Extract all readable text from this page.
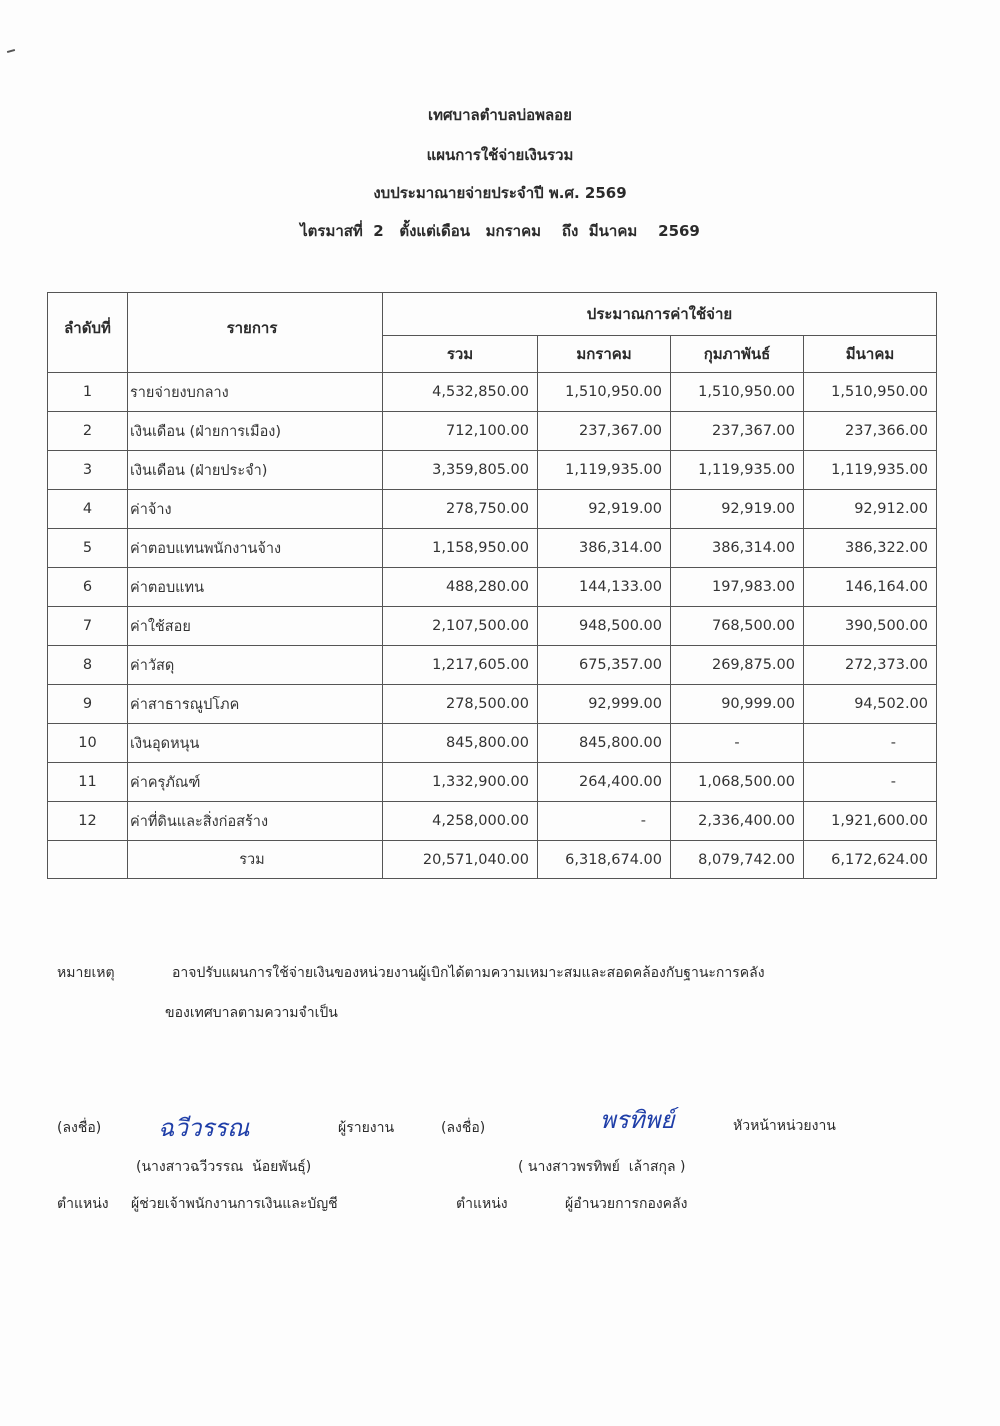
เทศบาลตำบลบ่อพลอย
แผนการใช้จ่ายเงินรวม
งบประมาณายจ่ายประจำปี พ.ศ. 2569
ไตรมาสที่  2   ตั้งแต่เดือน   มกราคม    ถึง  มีนาคม    2569
ลำดับที่	รายการ	ประมาณการค่าใช้จ่าย			
		รวม	มกราคม	กุมภาพันธ์	มีนาคม
1	รายจ่ายงบกลาง	4,532,850.00	1,510,950.00	1,510,950.00	1,510,950.00
2	เงินเดือน (ฝ่ายการเมือง)	712,100.00	237,367.00	237,367.00	237,366.00
3	เงินเดือน (ฝ่ายประจำ)	3,359,805.00	1,119,935.00	1,119,935.00	1,119,935.00
4	ค่าจ้าง	278,750.00	92,919.00	92,919.00	92,912.00
5	ค่าตอบแทนพนักงานจ้าง	1,158,950.00	386,314.00	386,314.00	386,322.00
6	ค่าตอบแทน	488,280.00	144,133.00	197,983.00	146,164.00
7	ค่าใช้สอย	2,107,500.00	948,500.00	768,500.00	390,500.00
8	ค่าวัสดุ	1,217,605.00	675,357.00	269,875.00	272,373.00
9	ค่าสาธารณูปโภค	278,500.00	92,999.00	90,999.00	94,502.00
10	เงินอุดหนุน	845,800.00	845,800.00	-	-
11	ค่าครุภัณฑ์	1,332,900.00	264,400.00	1,068,500.00	-
12	ค่าที่ดินและสิ่งก่อสร้าง	4,258,000.00	-	2,336,400.00	1,921,600.00
	รวม	20,571,040.00	6,318,674.00	8,079,742.00	6,172,624.00
หมายเหตุ	อาจปรับแผนการใช้จ่ายเงินของหน่วยงานผู้เบิกได้ตามความเหมาะสมและสอดคล้องกับฐานะการคลัง
ของเทศบาลตามความจำเป็น
(ลงชื่อ) ฉวีวรรณ	ผู้รายงาน
(นางสาวฉวีวรรณ  น้อยพันธุ์)
ตำแหน่ง ผู้ช่วยเจ้าพนักงานการเงินและบัญชี
(ลงชื่อ)	พรทิพย์	หัวหน้าหน่วยงาน
( นางสาวพรทิพย์  เล้าสกุล )
ตำแหน่ง	ผู้อำนวยการกองคลัง
